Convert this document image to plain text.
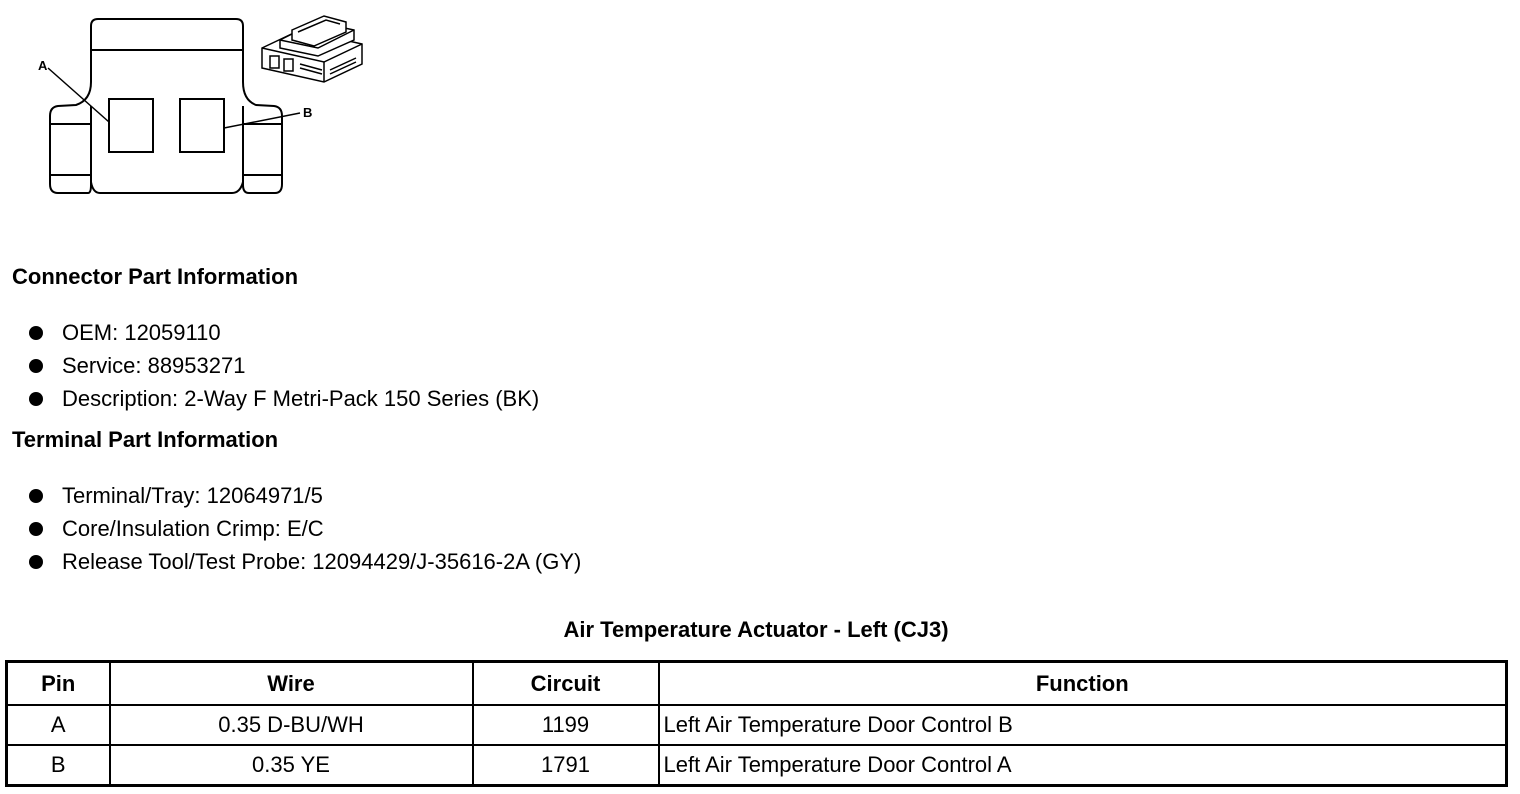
A
B
Connector Part Information
OEM: 12059110
Service: 88953271
Description: 2-Way F Metri-Pack 150 Series (BK)
Terminal Part Information
Terminal/Tray: 12064971/5
Core/Insulation Crimp: E/C
Release Tool/Test Probe: 12094429/J-35616-2A (GY)
Air Temperature Actuator - Left (CJ3)
Pin	Wire	Circuit	Function
A	0.35 D-BU/WH	1199	Left Air Temperature Door Control B
B	0.35 YE	1791	Left Air Temperature Door Control A
